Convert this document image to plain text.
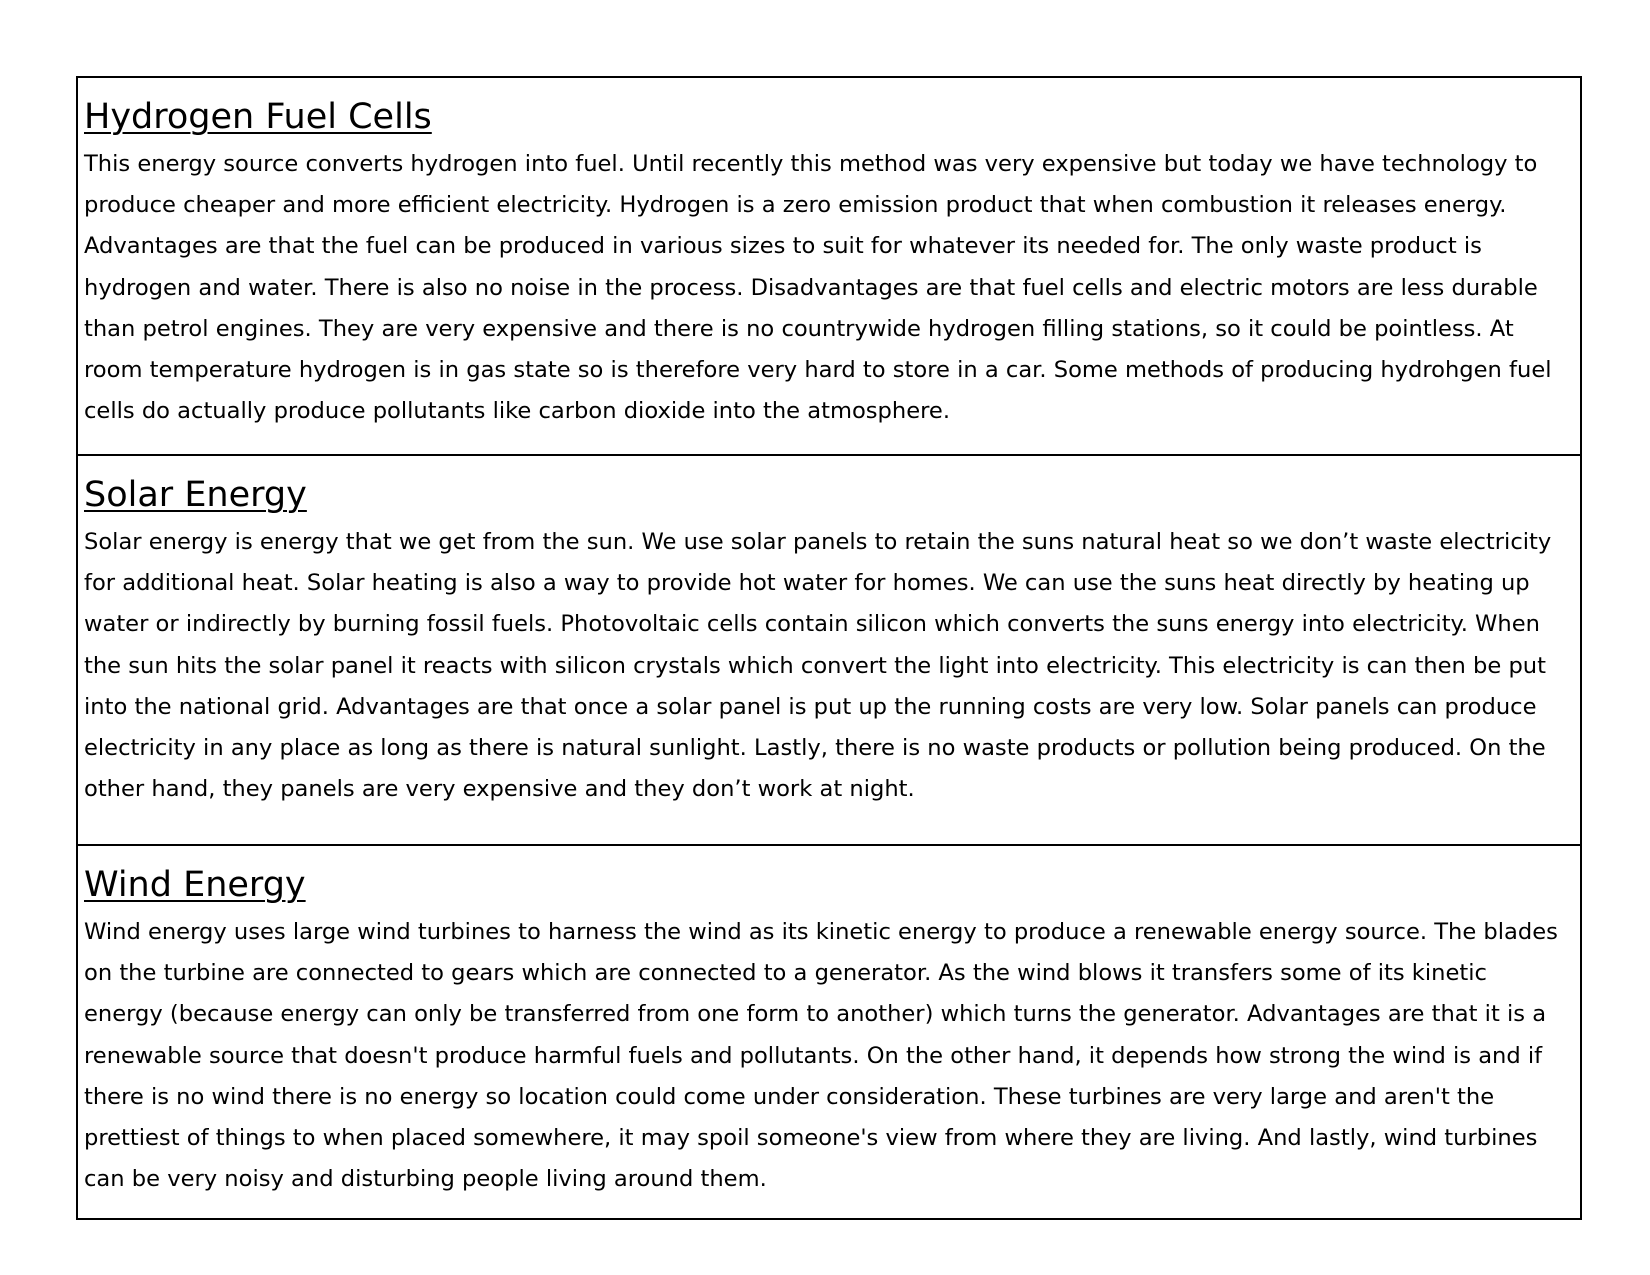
Hydrogen Fuel Cells

This energy source converts hydrogen into fuel. Until recently this method was very expensive but today we have technology to produce cheaper and more efficient electricity. Hydrogen is a zero emission product that when combustion it releases energy. Advantages are that the fuel can be produced in various sizes to suit for whatever its needed for. The only waste product is hydrogen and water. There is also no noise in the process. Disadvantages are that fuel cells and electric motors are less durable than petrol engines. They are very expensive and there is no countrywide hydrogen filling stations, so it could be pointless. At room temperature hydrogen is in gas state so is therefore very hard to store in a car. Some methods of producing hydrohgen fuel cells do actually produce pollutants like carbon dioxide into the atmosphere.

Solar Energy

Solar energy is energy that we get from the sun. We use solar panels to retain the suns natural heat so we don’t waste electricity for additional heat. Solar heating is also a way to provide hot water for homes. We can use the suns heat directly by heating up water or indirectly by burning fossil fuels. Photovoltaic cells contain silicon which converts the suns energy into electricity. When the sun hits the solar panel it reacts with silicon crystals which convert the light into electricity. This electricity is can then be put into the national grid. Advantages are that once a solar panel is put up the running costs are very low. Solar panels can produce electricity in any place as long as there is natural sunlight. Lastly, there is no waste products or pollution being produced. On the other hand, they panels are very expensive and they don’t work at night.

Wind Energy

Wind energy uses large wind turbines to harness the wind as its kinetic energy to produce a renewable energy source. The blades on the turbine are connected to gears which are connected to a generator. As the wind blows it transfers some of its kinetic energy (because energy can only be transferred from one form to another) which turns the generator. Advantages are that it is a renewable source that doesn't produce harmful fuels and pollutants. On the other hand, it depends how strong the wind is and if there is no wind there is no energy so location could come under consideration. These turbines are very large and aren't the prettiest of things to when placed somewhere, it may spoil someone's view from where they are living. And lastly, wind turbines can be very noisy and disturbing people living around them.
